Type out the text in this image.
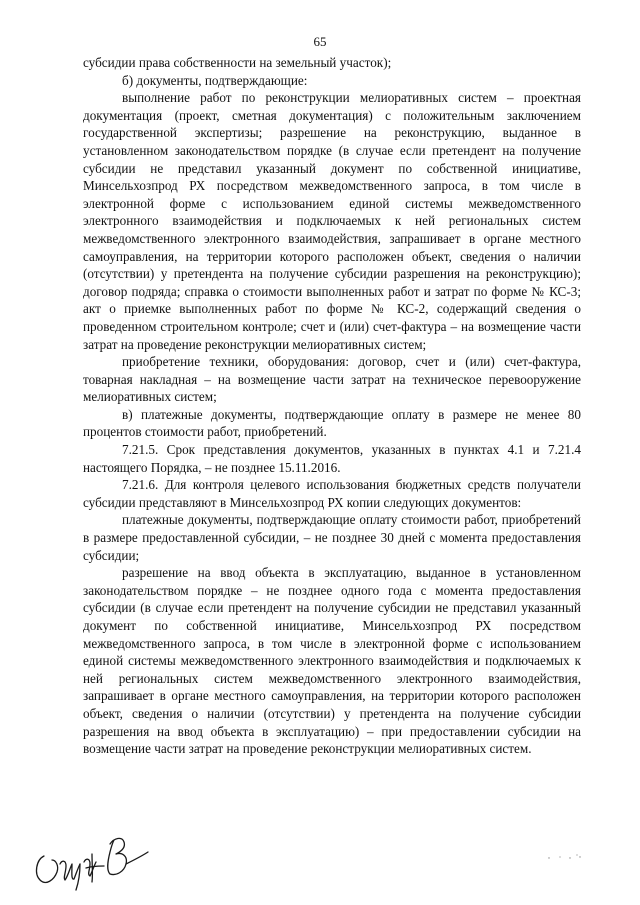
65

субсидии права собственности на земельный участок);

б) документы, подтверждающие:

выполнение работ по реконструкции мелиоративных систем – проектная документация (проект, сметная документация) с положительным заключением государственной экспертизы; разрешение на реконструкцию, выданное в установленном законодательством порядке (в случае если претендент на получение субсидии не представил указанный документ по собственной инициативе, Минсельхозпрод РХ посредством межведомственного запроса, в том числе в электронной форме с использованием единой системы межведомственного электронного взаимодействия и подключаемых к ней региональных систем межведомственного электронного взаимодействия, запрашивает в органе местного самоуправления, на территории которого расположен объект, сведения о наличии (отсутствии) у претендента на получение субсидии разрешения на реконструкцию); договор подряда; справка о стоимости выполненных работ и затрат по форме № КС-3; акт о приемке выполненных работ по форме № КС-2, содержащий сведения о проведенном строительном контроле; счет и (или) счет-фактура – на возмещение части затрат на проведение реконструкции мелиоративных систем;

приобретение техники, оборудования: договор, счет и (или) счет-фактура, товарная накладная – на возмещение части затрат на техническое перевооружение мелиоративных систем;

в) платежные документы, подтверждающие оплату в размере не менее 80 процентов стоимости работ, приобретений.

7.21.5. Срок представления документов, указанных в пунктах 4.1 и 7.21.4 настоящего Порядка, – не позднее 15.11.2016.

7.21.6. Для контроля целевого использования бюджетных средств получатели субсидии представляют в Минсельхозпрод РХ копии следующих документов:

платежные документы, подтверждающие оплату стоимости работ, приобретений в размере предоставленной субсидии, – не позднее 30 дней с момента предоставления субсидии;

разрешение на ввод объекта в эксплуатацию, выданное в установленном законодательством порядке – не позднее одного года с момента предоставления субсидии (в случае если претендент на получение субсидии не представил указанный документ по собственной инициативе, Минсельхозпрод РХ посредством межведомственного запроса, в том числе в электронной форме с использованием единой системы межведомственного электронного взаимодействия и подключаемых к ней региональных систем межведомственного электронного взаимодействия, запрашивает в органе местного самоуправления, на территории которого расположен объект, сведения о наличии (отсутствии) у претендента на получение субсидии разрешения на ввод объекта в эксплуатацию) – при предоставлении субсидии на возмещение части затрат на проведение реконструкции мелиоративных систем.
